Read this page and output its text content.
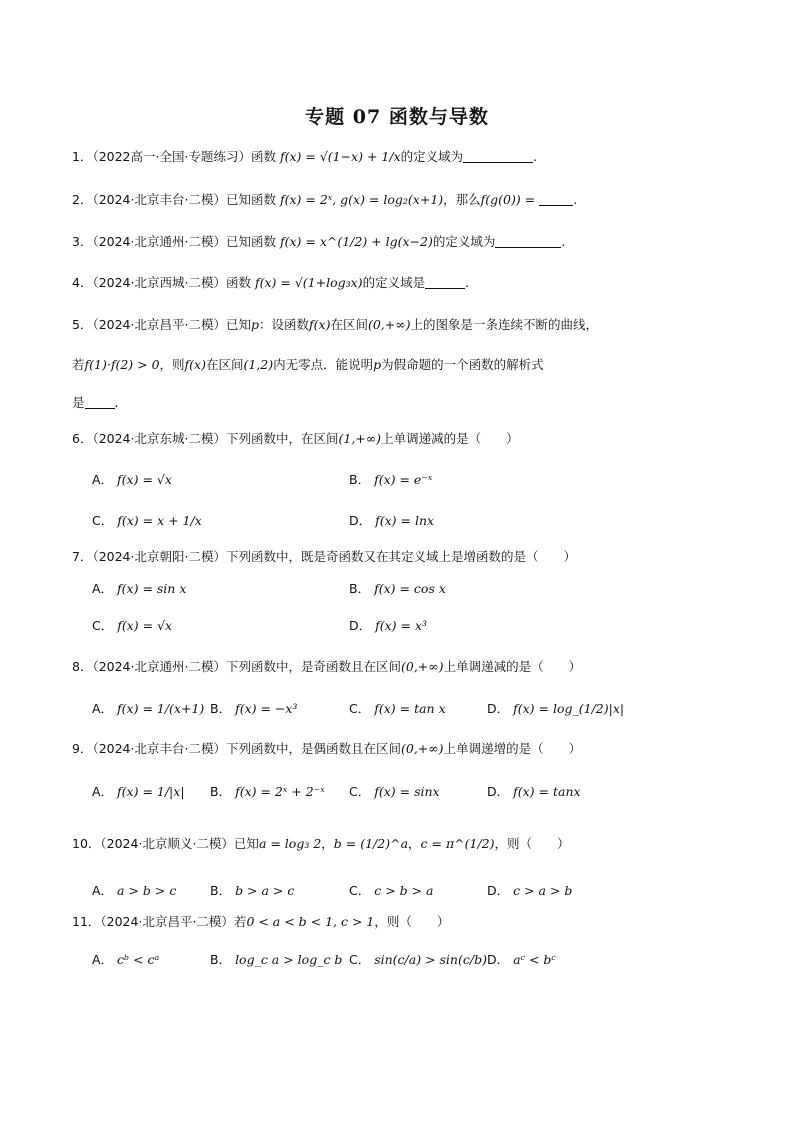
专题 07 函数与导数
1．（2022高一·全国·专题练习）函数 f(x) = √(1−x) + 1/x的定义域为	.
2．（2024·北京丰台·二模）已知函数 f(x) = 2ˣ, g(x) = log₂(x+1)，那么f(g(0)) =	.
3．（2024·北京通州·二模）已知函数 f(x) = x^(1/2) + lg(x−2)的定义域为	.
4．（2024·北京西城·二模）函数 f(x) = √(1+log₃x)的定义域是	.
5．（2024·北京昌平·二模）已知p：设函数f(x)在区间(0,+∞)上的图象是一条连续不断的曲线，
若f(1)·f(2) > 0，则f(x)在区间(1,2)内无零点．能说明p为假命题的一个函数的解析式
是 .
6．（2024·北京东城·二模）下列函数中，在区间(1,+∞)上单调递减的是（　　）
A． f(x) = √x	B． f(x) = e⁻ˣ
C． f(x) = x + 1/x	D． f(x) = lnx
7．（2024·北京朝阳·二模）下列函数中，既是奇函数又在其定义域上是增函数的是（　　）
A． f(x) = sin x	B． f(x) = cos x
C． f(x) = √x	D． f(x) = x³
8．（2024·北京通州·二模）下列函数中，是奇函数且在区间(0,+∞)上单调递减的是（　　）
A． f(x) = 1/(x+1) B． f(x) = −x³	C． f(x) = tan x	D． f(x) = log_(1/2)|x|
9．（2024·北京丰台·二模）下列函数中，是偶函数且在区间(0,+∞)上单调递增的是（　　）
A． f(x) = 1/|x| B． f(x) = 2ˣ + 2⁻ˣ C． f(x) = sinx	D． f(x) = tanx
10．（2024·北京顺义·二模）已知a = log₃ 2，b = (1/2)^a，c = π^(1/2)，则（　　）
A． a > b > c	B． b > a > c	C． c > b > a	D． c > a > b
11．（2024·北京昌平·二模）若0 < a < b < 1, c > 1，则（　　）
A． cᵇ < cᵃ	B． log_c a > log_c b C． sin(c/a) > sin(c/b) D． aᶜ < bᶜ
